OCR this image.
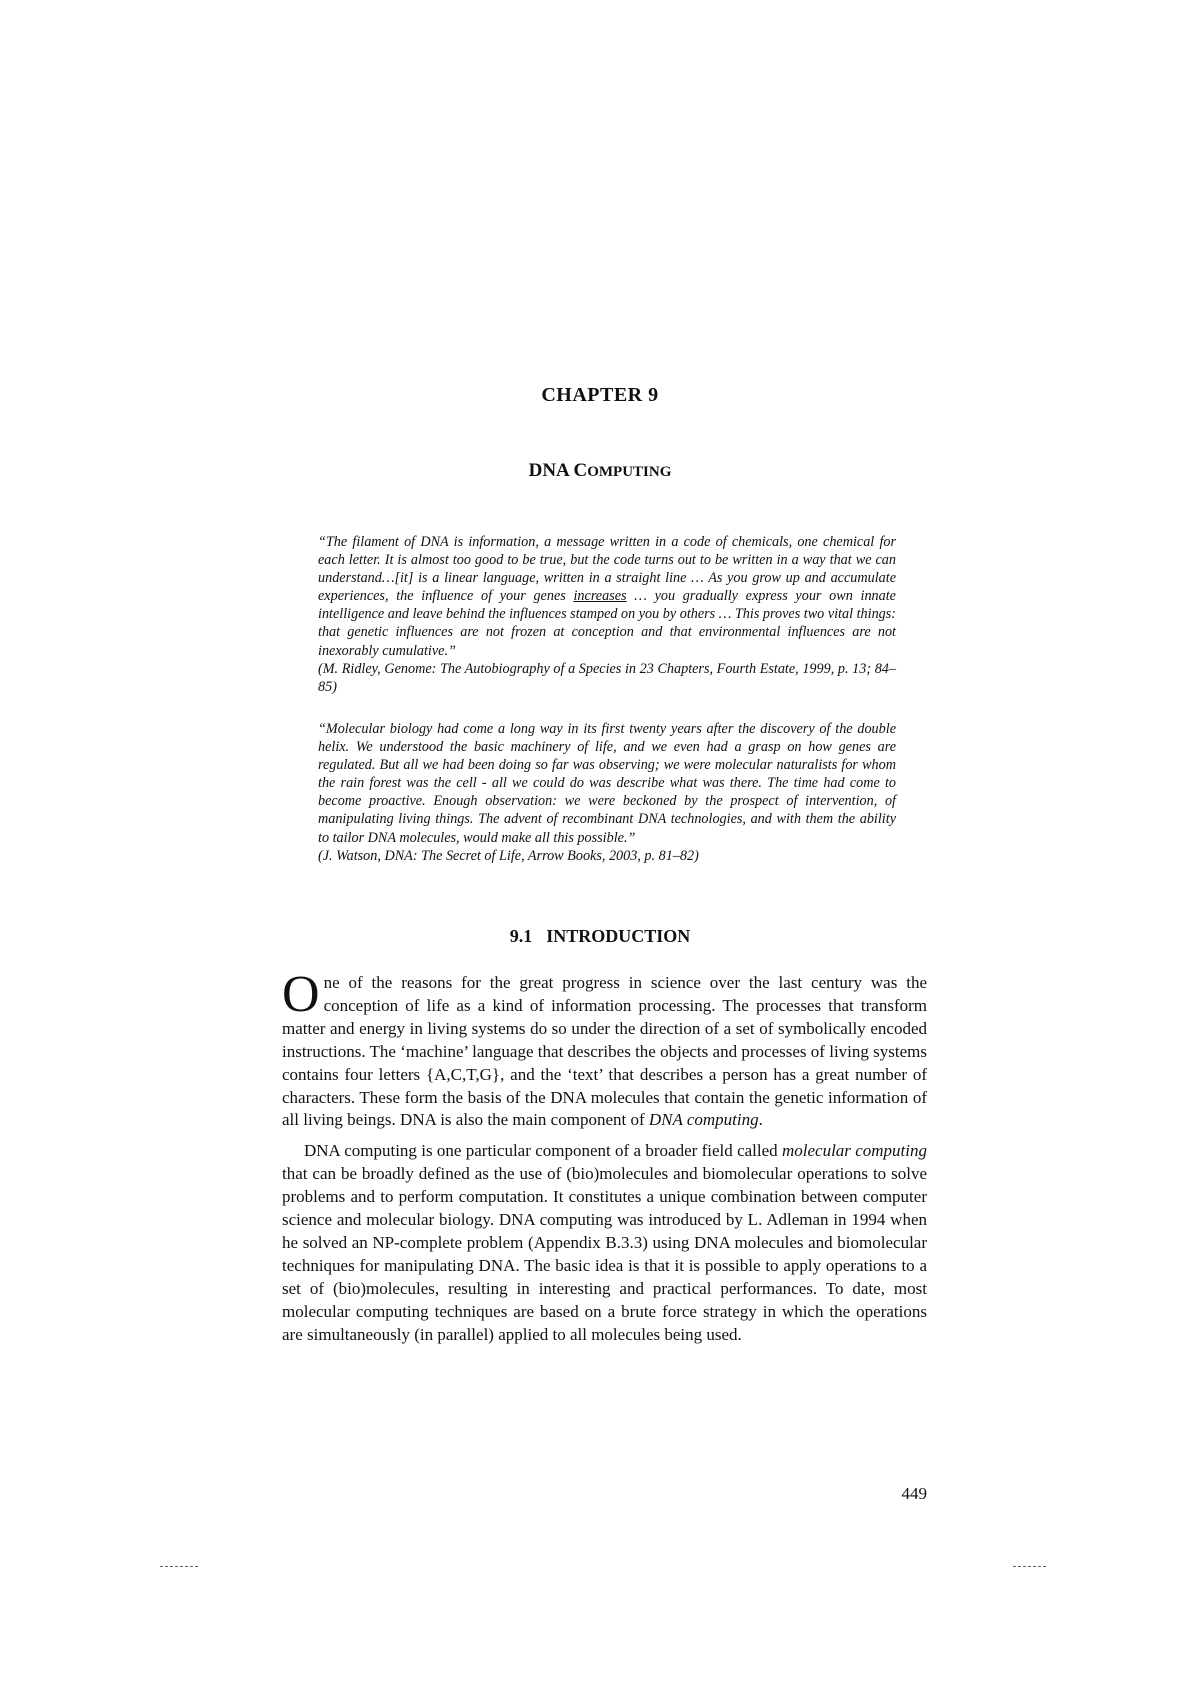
CHAPTER 9
DNA COMPUTING

“The filament of DNA is information, a message written in a code of chemicals, one chemical for each letter. It is almost too good to be true, but the code turns out to be written in a way that we can understand…[it] is a linear language, written in a straight line … As you grow up and accumulate experiences, the influence of your genes increases … you gradually express your own innate intelligence and leave behind the influences stamped on you by others … This proves two vital things: that genetic influences are not frozen at conception and that environmental influences are not inexorably cumulative.”

(M. Ridley, Genome: The Autobiography of a Species in 23 Chapters, Fourth Estate, 1999, p. 13; 84–85)

“Molecular biology had come a long way in its first twenty years after the discovery of the double helix. We understood the basic machinery of life, and we even had a grasp on how genes are regulated. But all we had been doing so far was observing; we were molecular naturalists for whom the rain forest was the cell - all we could do was describe what was there. The time had come to become proactive. Enough observation: we were beckoned by the prospect of intervention, of manipulating living things. The advent of recombinant DNA technologies, and with them the ability to tailor DNA molecules, would make all this possible.”

(J. Watson, DNA: The Secret of Life, Arrow Books, 2003, p. 81–82)

9.1 INTRODUCTION

One of the reasons for the great progress in science over the last century was the conception of life as a kind of information processing. The processes that transform matter and energy in living systems do so under the direction of a set of symbolically encoded instructions. The ‘machine’ language that describes the objects and processes of living systems contains four letters {A,C,T,G}, and the ‘text’ that describes a person has a great number of characters. These form the basis of the DNA molecules that contain the genetic information of all living beings. DNA is also the main component of DNA computing.

DNA computing is one particular component of a broader field called molecular computing that can be broadly defined as the use of (bio)molecules and biomolecular operations to solve problems and to perform computation. It constitutes a unique combination between computer science and molecular biology. DNA computing was introduced by L. Adleman in 1994 when he solved an NP-complete problem (Appendix B.3.3) using DNA molecules and biomolecular techniques for manipulating DNA. The basic idea is that it is possible to apply operations to a set of (bio)molecules, resulting in interesting and practical performances. To date, most molecular computing techniques are based on a brute force strategy in which the operations are simultaneously (in parallel) applied to all molecules being used.

449
